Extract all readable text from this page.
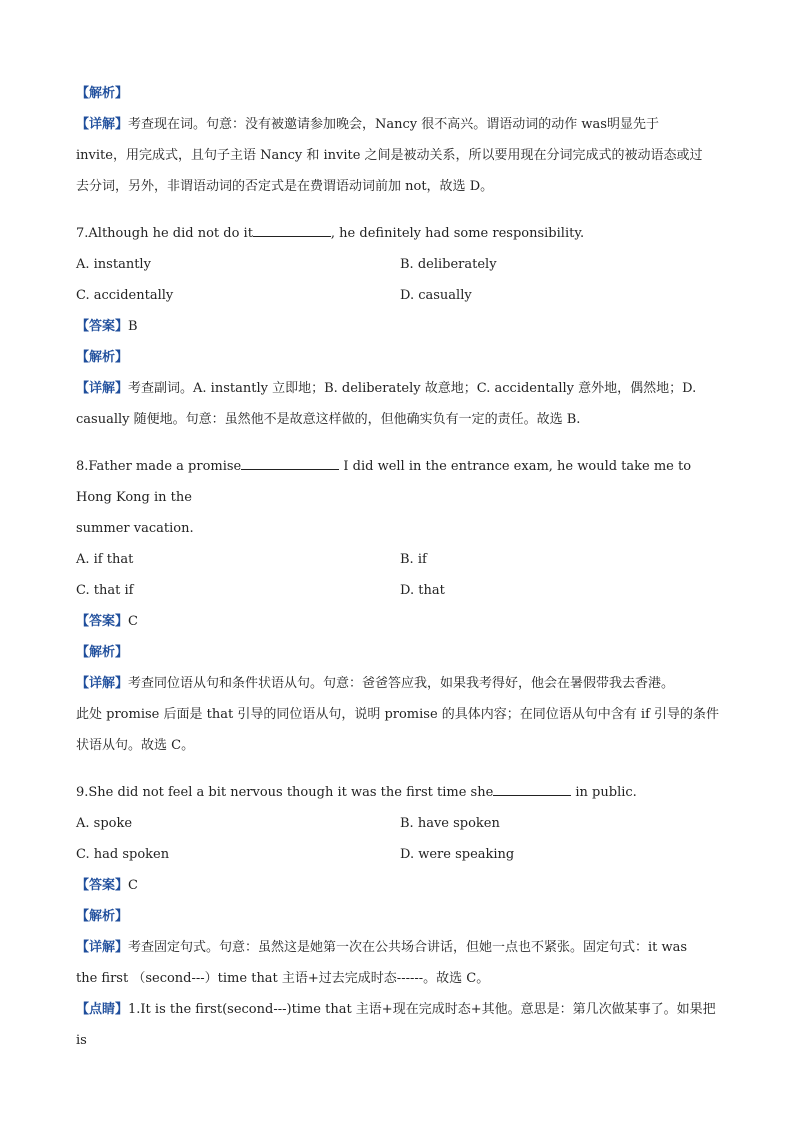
【解析】
【详解】考查现在词。句意：没有被邀请参加晚会，Nancy 很不高兴。谓语动词的动作 was明显先于
invite，用完成式，且句子主语 Nancy 和 invite 之间是被动关系，所以要用现在分词完成式的被动语态或过
去分词，另外，非谓语动词的否定式是在费谓语动词前加 not，故选 D。
7.Although he did not do it	, he definitely had some responsibility.
A. instantly	B. deliberately
C. accidentally	D. casually
【答案】B
【解析】
【详解】考查副词。A. instantly 立即地；B. deliberately 故意地；C. accidentally 意外地，偶然地；D.
casually 随便地。句意：虽然他不是故意这样做的，但他确实负有一定的责任。故选 B.
8.Father made a promise	I did well in the entrance exam, he would take me to Hong Kong in the
summer vacation.
A. if that	B. if
C. that if	D. that
【答案】C
【解析】
【详解】考查同位语从句和条件状语从句。句意：爸爸答应我，如果我考得好，他会在暑假带我去香港。
此处 promise 后面是 that 引导的同位语从句，说明 promise 的具体内容；在同位语从句中含有 if 引导的条件
状语从句。故选 C。
9.She did not feel a bit nervous though it was the first time she	in public.
A. spoke	B. have spoken
C. had spoken	D. were speaking
【答案】C
【解析】
【详解】考查固定句式。句意：虽然这是她第一次在公共场合讲话，但她一点也不紧张。固定句式：it was
the first （second---）time that 主语+过去完成时态------。故选 C。
【点睛】1.It is the first(second---)time that 主语+现在完成时态+其他。意思是：第几次做某事了。如果把 is
